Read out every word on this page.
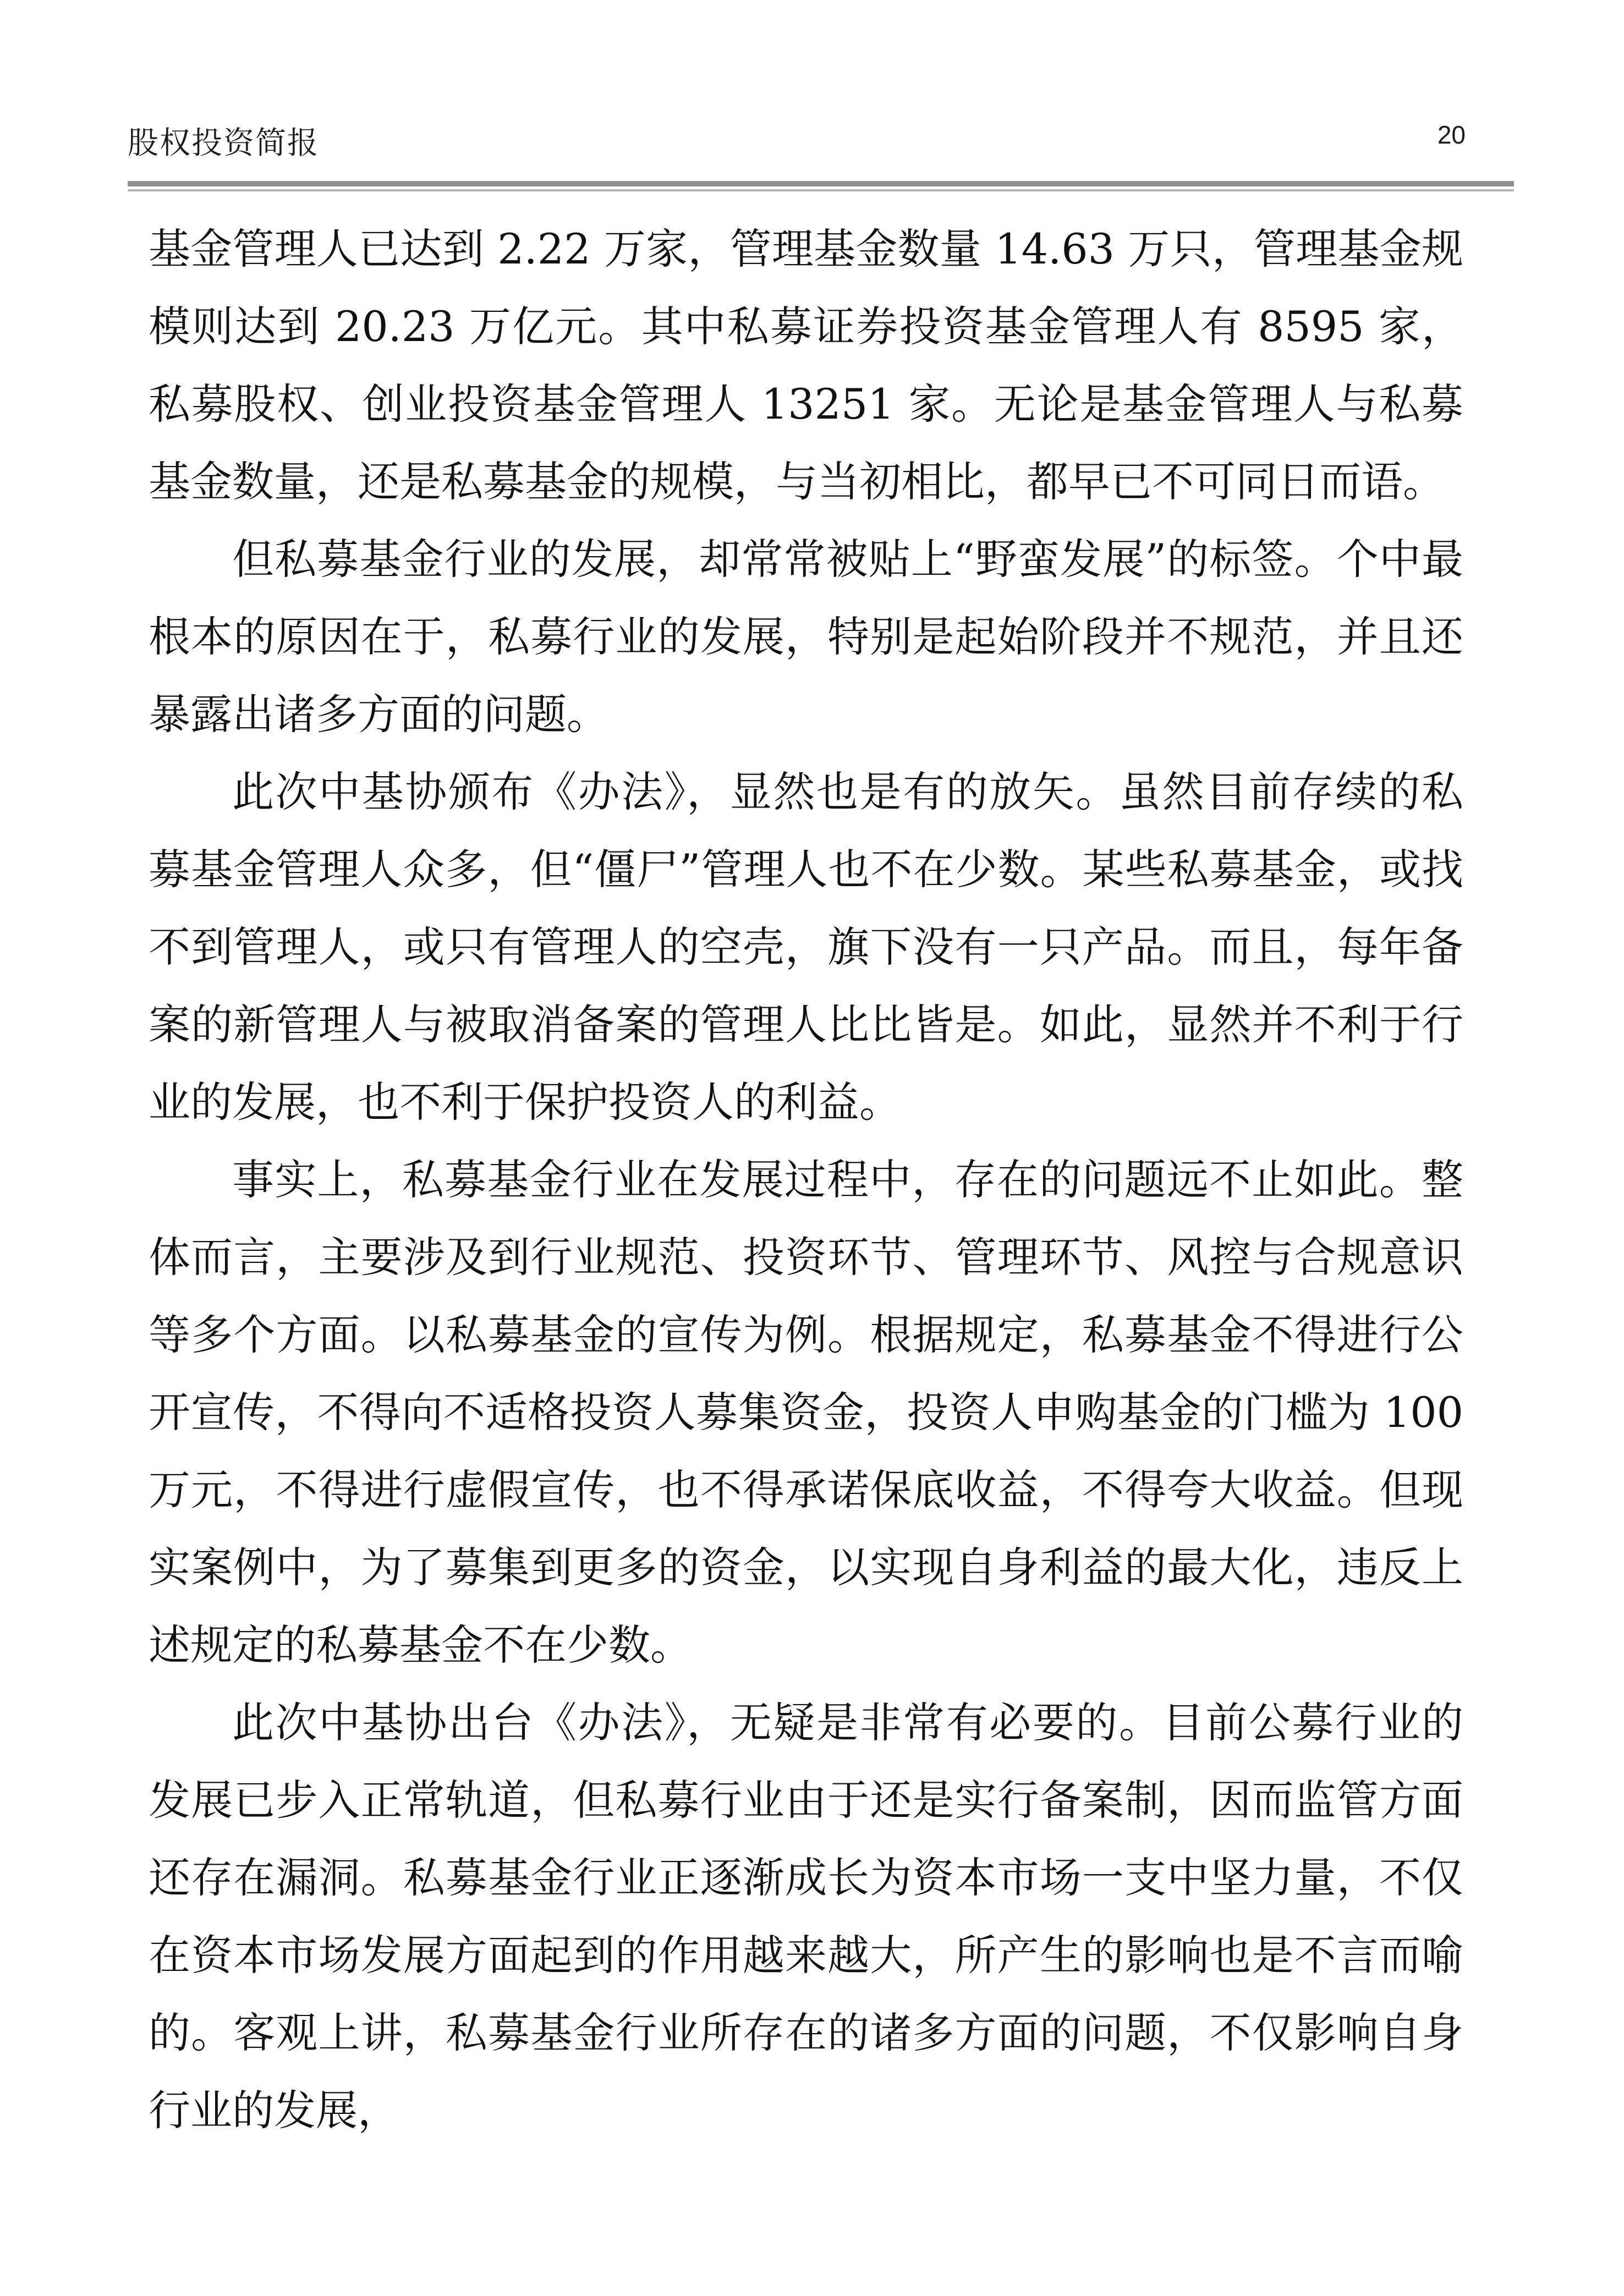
股权投资简报	20

基金管理人已达到 2.22 万家，管理基金数量 14.63 万只，管理基金规模则达到 20.23 万亿元。其中私募证券投资基金管理人有 8595 家，私募股权、创业投资基金管理人 13251 家。无论是基金管理人与私募基金数量，还是私募基金的规模，与当初相比，都早已不可同日而语。

但私募基金行业的发展，却常常被贴上“野蛮发展”的标签。个中最根本的原因在于，私募行业的发展，特别是起始阶段并不规范，并且还暴露出诸多方面的问题。

此次中基协颁布《办法》，显然也是有的放矢。虽然目前存续的私募基金管理人众多，但“僵尸”管理人也不在少数。某些私募基金，或找不到管理人，或只有管理人的空壳，旗下没有一只产品。而且，每年备案的新管理人与被取消备案的管理人比比皆是。如此，显然并不利于行业的发展，也不利于保护投资人的利益。

事实上，私募基金行业在发展过程中，存在的问题远不止如此。整体而言，主要涉及到行业规范、投资环节、管理环节、风控与合规意识等多个方面。以私募基金的宣传为例。根据规定，私募基金不得进行公开宣传，不得向不适格投资人募集资金，投资人申购基金的门槛为 100 万元，不得进行虚假宣传，也不得承诺保底收益，不得夸大收益。但现实案例中，为了募集到更多的资金，以实现自身利益的最大化，违反上述规定的私募基金不在少数。

此次中基协出台《办法》，无疑是非常有必要的。目前公募行业的发展已步入正常轨道，但私募行业由于还是实行备案制，因而监管方面还存在漏洞。私募基金行业正逐渐成长为资本市场一支中坚力量，不仅在资本市场发展方面起到的作用越来越大，所产生的影响也是不言而喻的。客观上讲，私募基金行业所存在的诸多方面的问题，不仅影响自身行业的发展，
